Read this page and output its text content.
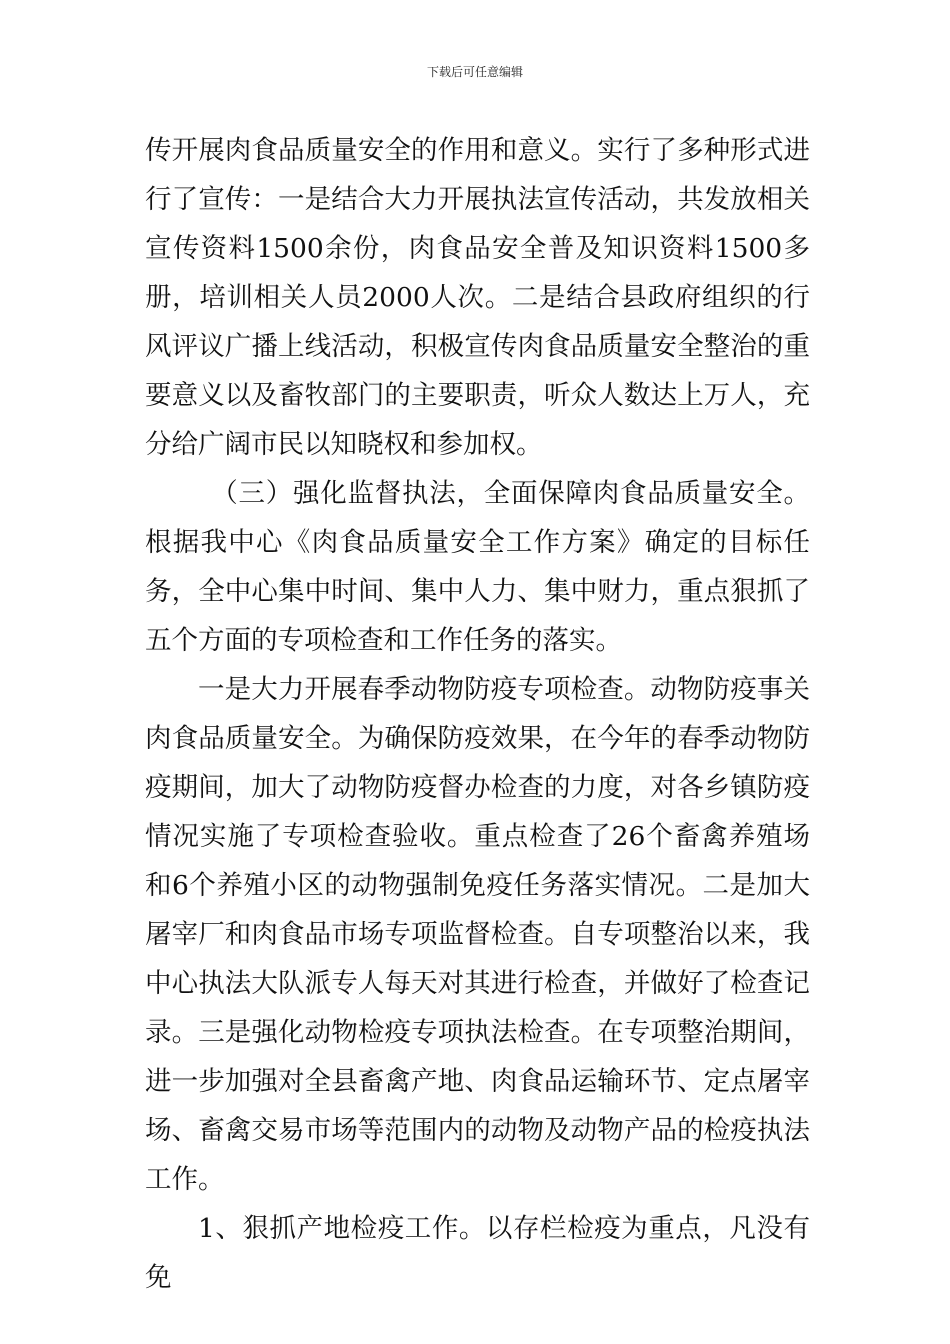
下载后可任意编辑

传开展肉食品质量安全的作用和意义。实行了多种形式进行了宣传：一是结合大力开展执法宣传活动，共发放相关宣传资料1500余份，肉食品安全普及知识资料1500多册，培训相关人员2000人次。二是结合县政府组织的行风评议广播上线活动，积极宣传肉食品质量安全整治的重要意义以及畜牧部门的主要职责，听众人数达上万人，充分给广阔市民以知晓权和参加权。

（三）强化监督执法，全面保障肉食品质量安全。根据我中心《肉食品质量安全工作方案》确定的目标任务，全中心集中时间、集中人力、集中财力，重点狠抓了五个方面的专项检查和工作任务的落实。

一是大力开展春季动物防疫专项检查。动物防疫事关肉食品质量安全。为确保防疫效果，在今年的春季动物防疫期间，加大了动物防疫督办检查的力度，对各乡镇防疫情况实施了专项检查验收。重点检查了26个畜禽养殖场和6个养殖小区的动物强制免疫任务落实情况。二是加大屠宰厂和肉食品市场专项监督检查。自专项整治以来，我中心执法大队派专人每天对其进行检查，并做好了检查记录。三是强化动物检疫专项执法检查。在专项整治期间，进一步加强对全县畜禽产地、肉食品运输环节、定点屠宰场、畜禽交易市场等范围内的动物及动物产品的检疫执法工作。

1、狠抓产地检疫工作。以存栏检疫为重点，凡没有免
